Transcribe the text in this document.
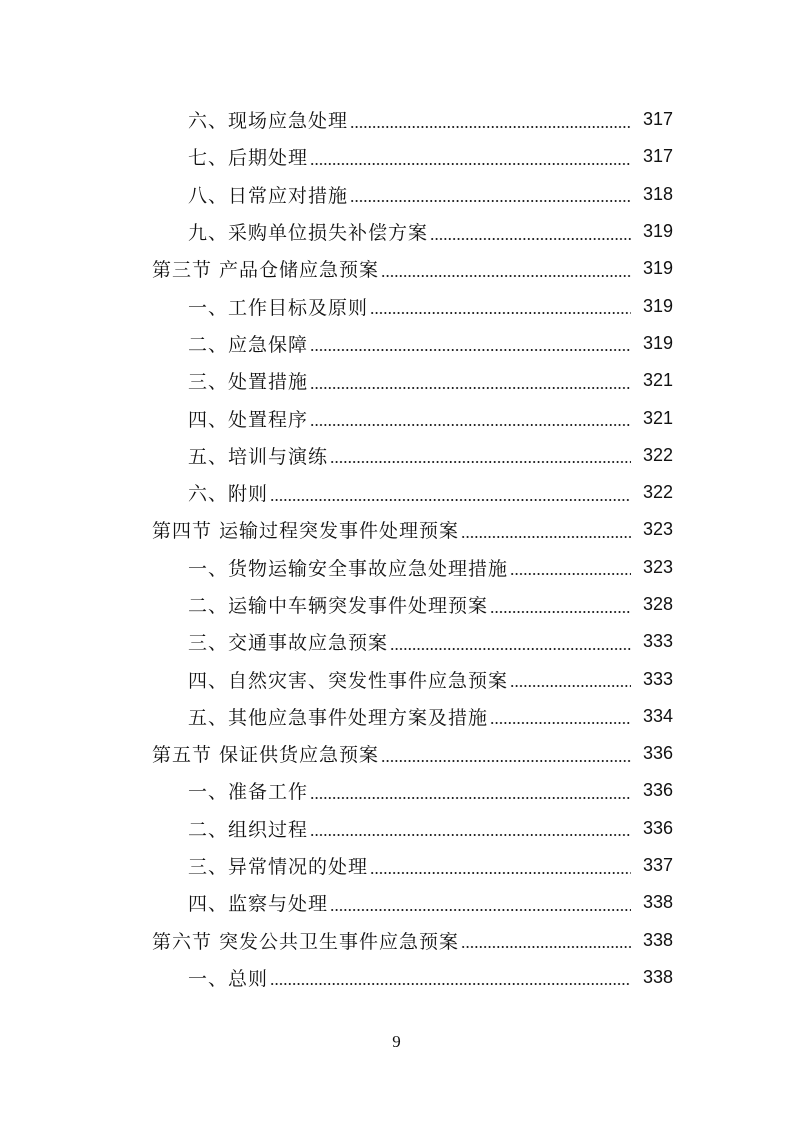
六、现场应急处理	317
七、后期处理	317
八、日常应对措施	318
九、采购单位损失补偿方案	319
第三节 产品仓储应急预案	319
一、工作目标及原则	319
二、应急保障	319
三、处置措施	321
四、处置程序	321
五、培训与演练	322
六、附则	322
第四节 运输过程突发事件处理预案	323
一、货物运输安全事故应急处理措施	323
二、运输中车辆突发事件处理预案	328
三、交通事故应急预案	333
四、自然灾害、突发性事件应急预案	333
五、其他应急事件处理方案及措施	334
第五节 保证供货应急预案	336
一、准备工作	336
二、组织过程	336
三、异常情况的处理	337
四、监察与处理	338
第六节 突发公共卫生事件应急预案	338
一、总则	338
9
